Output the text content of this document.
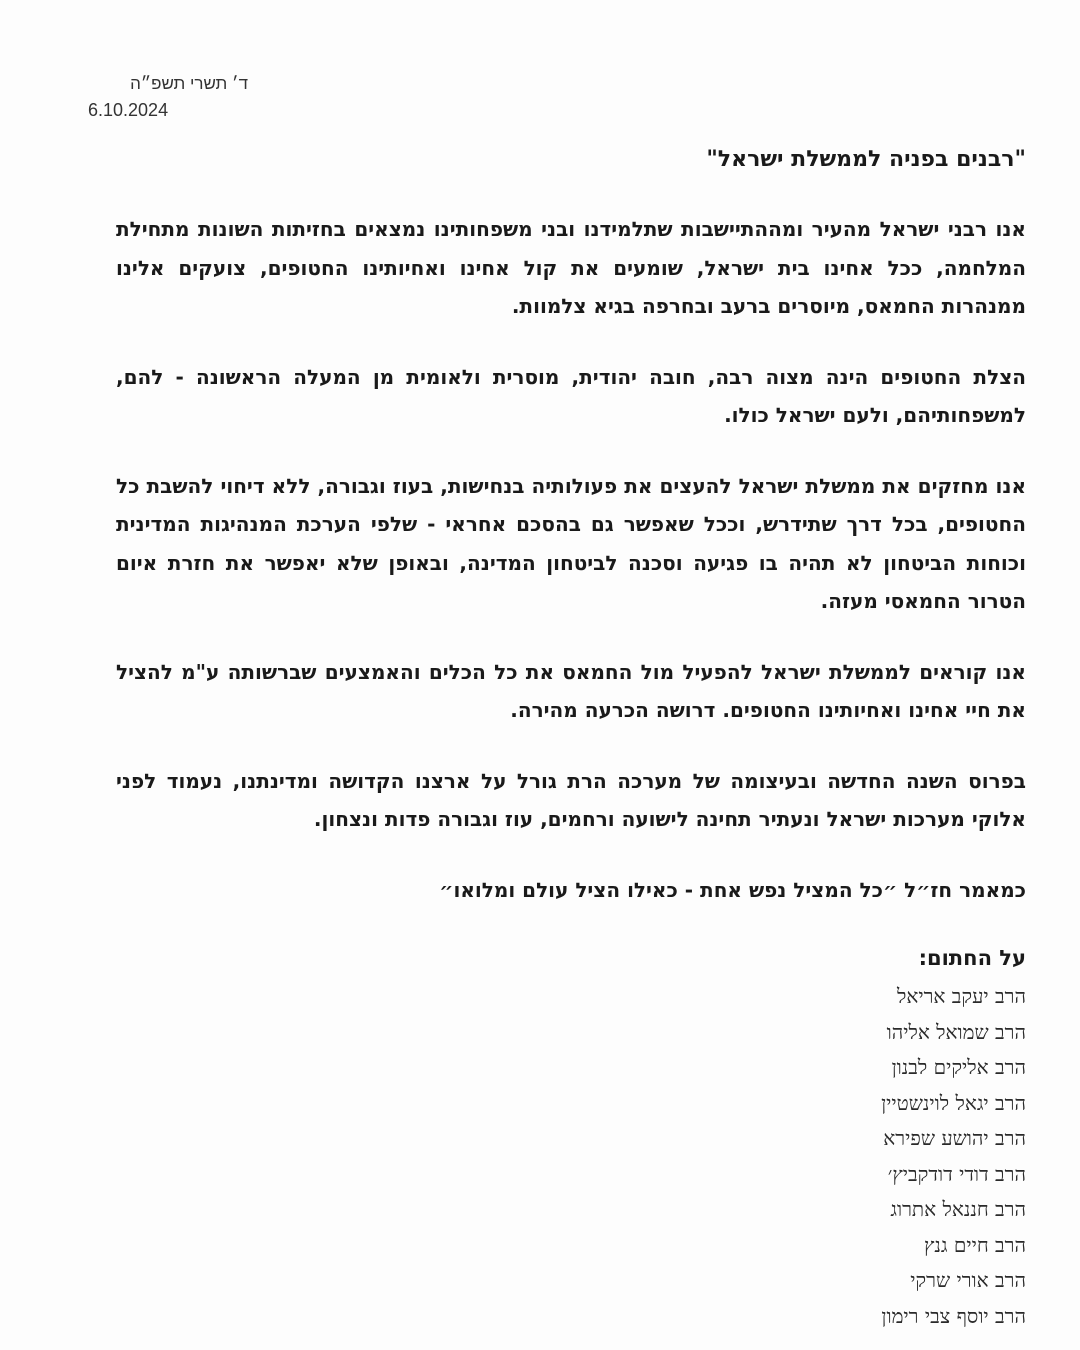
ד׳ תשרי תשפ״ה
6.10.2024
"רבנים בפניה לממשלת ישראל"

אנו רבני ישראל מהעיר ומההתיישבות שתלמידנו ובני משפחותינו נמצאים בחזיתות השונות מתחילת המלחמה, ככל אחינו בית ישראל, שומעים את קול אחינו ואחיותינו החטופים, צועקים אלינו ממנהרות החמאס, מיוסרים ברעב ובחרפה בגיא צלמוות.

הצלת החטופים הינה מצוה רבה, חובה יהודית, מוסרית ולאומית מן המעלה הראשונה - להם, למשפחותיהם, ולעם ישראל כולו.

אנו מחזקים את ממשלת ישראל להעצים את פעולותיה בנחישות, בעוז וגבורה, ללא דיחוי להשבת כל החטופים, בכל דרך שתידרש, וככל שאפשר גם בהסכם אחראי - שלפי הערכת המנהיגות המדינית וכוחות הביטחון לא תהיה בו פגיעה וסכנה לביטחון המדינה, ובאופן שלא יאפשר את חזרת איום הטרור החמאסי מעזה.

אנו קוראים לממשלת ישראל להפעיל מול החמאס את כל הכלים והאמצעים שברשותה ע"מ להציל את חיי אחינו ואחיותינו החטופים. דרושה הכרעה מהירה.

בפרוס השנה החדשה ובעיצומה של מערכה הרת גורל על ארצנו הקדושה ומדינתנו, נעמוד לפני אלוקי מערכות ישראל ונעתיר תחינה לישועה ורחמים, עוז וגבורה פדות ונצחון.

כמאמר חז״ל ״כל המציל נפש אחת - כאילו הציל עולם ומלואו״

על החתום:
הרב יעקב אריאל
הרב שמואל אליהו
הרב אליקים לבנון
הרב יגאל לוינשטיין
הרב יהושע שפירא
הרב דודי דודקביץ׳
הרב חננאל אתרוג
הרב חיים גנץ
הרב אורי שרקי
הרב יוסף צבי רימון
